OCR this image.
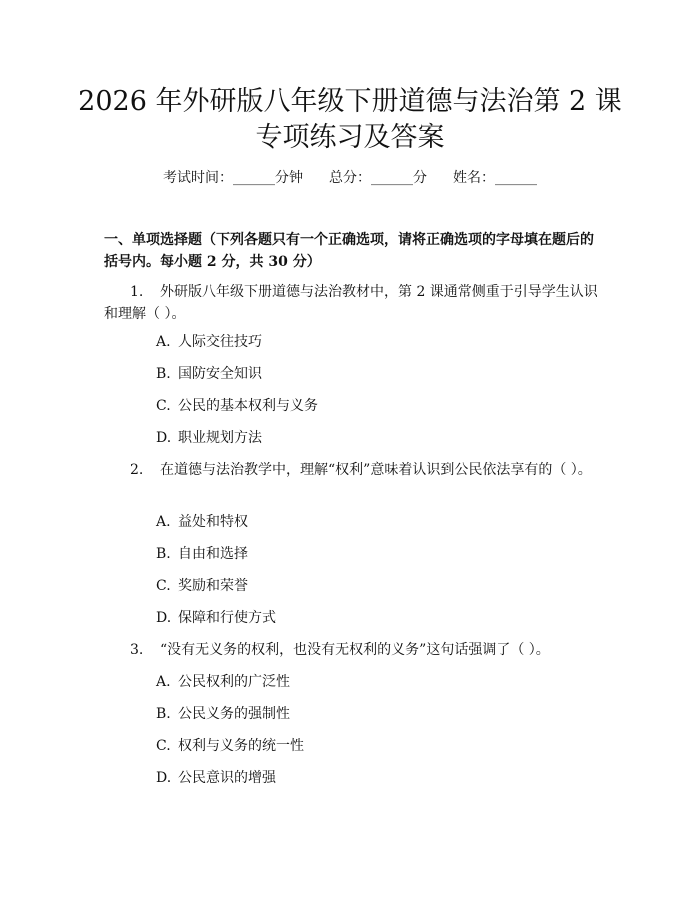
2026 年外研版八年级下册道德与法治第 2 课
专项练习及答案
考试时间：______分钟 总分：______分 姓名：______

一、单项选择题（下列各题只有一个正确选项，请将正确选项的字母填在题后的括号内。每小题 2 分，共 30 分）

1. 外研版八年级下册道德与法治教材中，第 2 课通常侧重于引导学生认识和理解（ ）。

A. 人际交往技巧
B. 国防安全知识
C. 公民的基本权利与义务
D. 职业规划方法

2. 在道德与法治教学中，理解“权利”意味着认识到公民依法享有的（ ）。

A. 益处和特权
B. 自由和选择
C. 奖励和荣誉
D. 保障和行使方式

3. “没有无义务的权利，也没有无权利的义务”这句话强调了（ ）。

A. 公民权利的广泛性
B. 公民义务的强制性
C. 权利与义务的统一性
D. 公民意识的增强
